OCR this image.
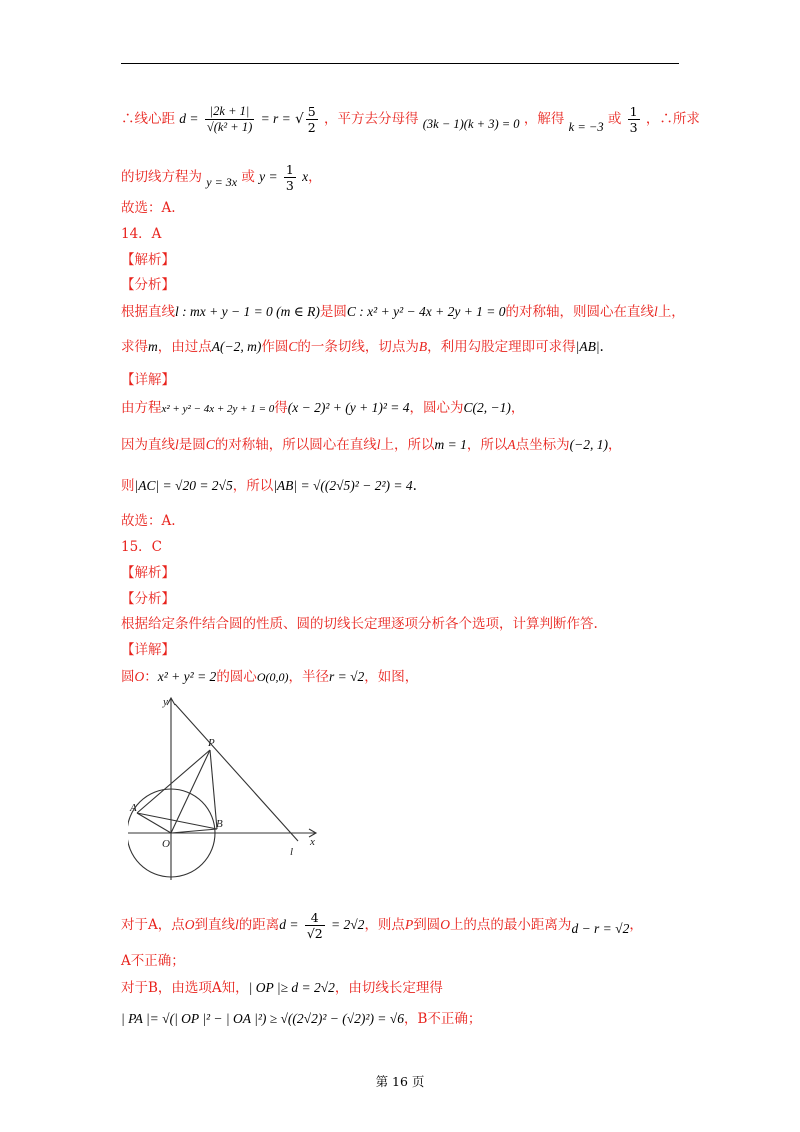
∴线心距 $d = \frac{|2k + 1|}{\text{√(k² + 1)}} = r$ = √ $\frac{5}{2}$ ，平方去分母得 (3k − 1)(k + 3) = 0 ，解得 k = −3 或 $\frac{1}{3}$ ，∴所求
的切线方程为 y = 3x 或 $y = \frac{1}{3}$ x，
故选：A.
14．A
【解析】
【分析】
根据直线l : mx + y − 1 = 0 (m ∈ R)是圆C : x² + y² − 4x + 2y + 1 = 0的对称轴，则圆心在直线l上，
求得m，由过点A(−2, m)作圆C的一条切线，切点为B，利用勾股定理即可求得|AB|.
【详解】
由方程x² + y² − 4x + 2y + 1 = 0得(x − 2)² + (y + 1)² = 4，圆心为C(2, −1)，
因为直线l是圆C的对称轴，所以圆心在直线l上，所以m = 1，所以A点坐标为(−2, 1)，
则|AC| = √20 = 2√5，所以|AB| = √((2√5)² − 2²) = 4.
故选：A.
15．C
【解析】
【分析】
根据给定条件结合圆的性质、圆的切线长定理逐项分析各个选项，计算判断作答.
【详解】
圆O：x² + y² = 2的圆心O(0,0)，半径r = √2，如图，
对于A，点O到直线l的距离$d = \frac{4}{√2} = 2√2$，则点P到圆O上的点的最小距离为d − r = √2，
A不正确；
对于B，由选项A知，| OP |≥ d = 2√2，由切线长定理得
| PA |= √(| OP |² − | OA |²) ≥ √((2√2)² − (√2)²) = √6，B不正确；
y
x
P
A
B
O
l
第 16 页
